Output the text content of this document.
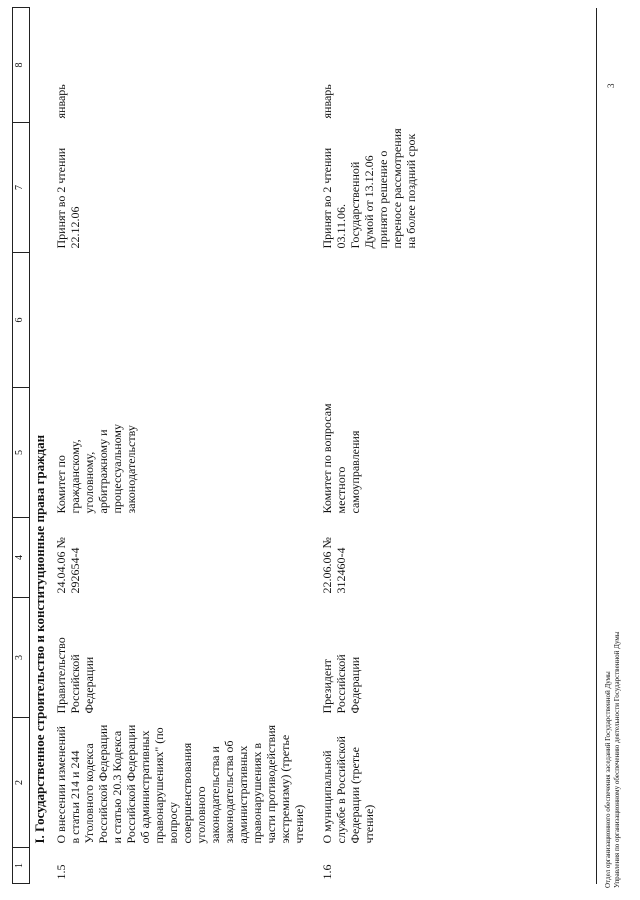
1	2	3	4	5	6	7	8
	I. Государственное строительство и конституционные права граждан						
1.5	О внесении изменений в статьи 214 и 244 Уголовного кодекса Российской Федерации и статью 20.3 Кодекса Российской Федерации об административных правонарушениях" (по вопросу совершенствования уголовного законодательства и законодательства об административных правонарушениях в части противодействия экстремизму) (третье чтение)	Правительство Российской Федерации	24.04.06 № 292654-4	Комитет по гражданскому, уголовному, арбитражному и процессуальному законодательству		Принят во 2 чтении 22.12.06	январь
1.6	О муниципальной службе в Российской Федерации (третье чтение)	Президент Российской Федерации	22.06.06 № 312460-4	Комитет по вопросам местного самоуправления		Принят во 2 чтении 03.11.06. Государственной Думой от 13.12.06 принято решение о переносе рассмотрения на более поздний срок	январь
Отдел организационного обеспечения заседаний Государственной Думы Управления по организационному обеспечению деятельности Государственной Думы
3
